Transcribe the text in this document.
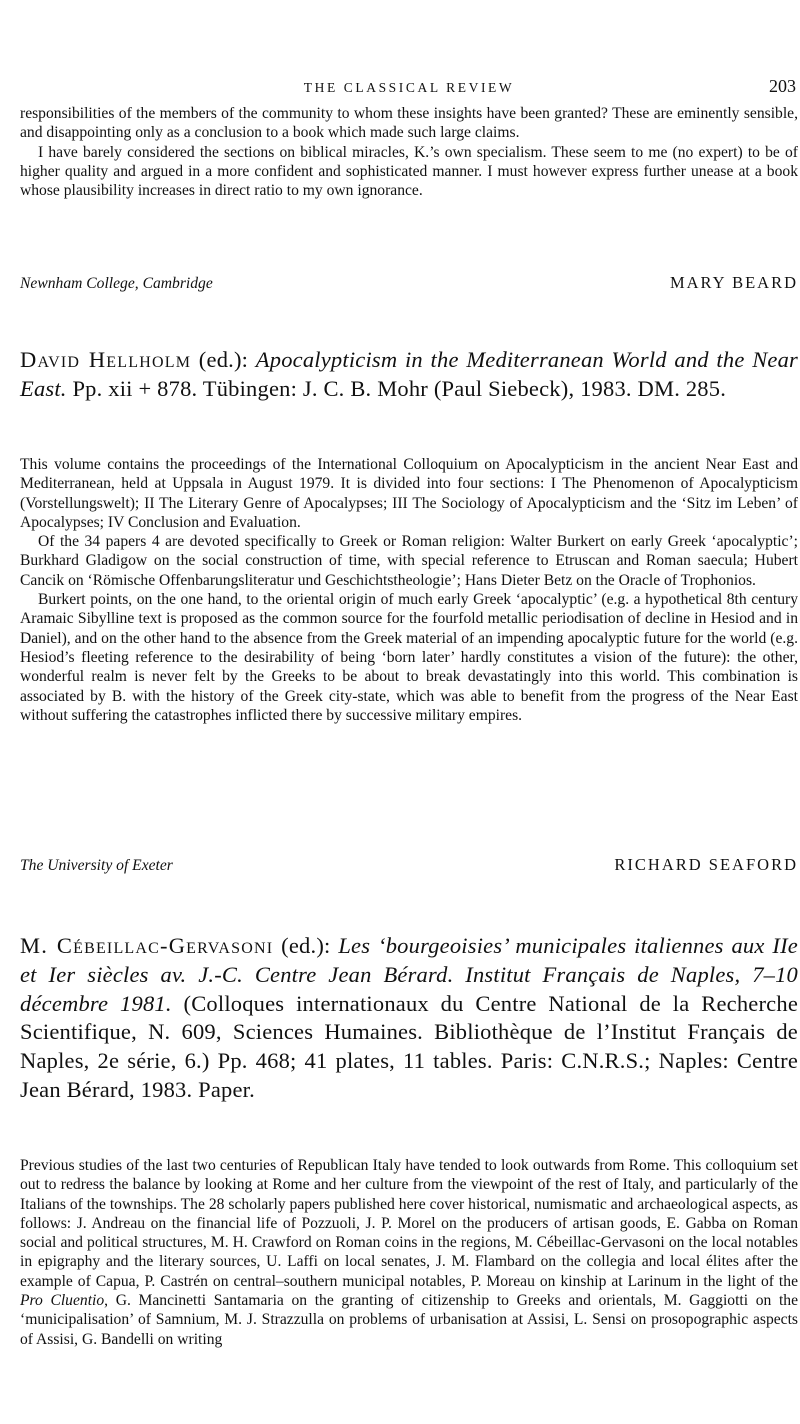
THE CLASSICAL REVIEW	203

responsibilities of the members of the community to whom these insights have been granted? These are eminently sensible, and disappointing only as a conclusion to a book which made such large claims.

I have barely considered the sections on biblical miracles, K.’s own specialism. These seem to me (no expert) to be of higher quality and argued in a more confident and sophisticated manner. I must however express further unease at a book whose plausibility increases in direct ratio to my own ignorance.

Newnham College, Cambridge	MARY BEARD
David Hellholm (ed.): Apocalypticism in the Mediterranean World and the Near East. Pp. xii + 878. Tübingen: J. C. B. Mohr (Paul Siebeck), 1983. DM. 285.

This volume contains the proceedings of the International Colloquium on Apocalypticism in the ancient Near East and Mediterranean, held at Uppsala in August 1979. It is divided into four sections: I The Phenomenon of Apocalypticism (Vorstellungswelt); II The Literary Genre of Apocalypses; III The Sociology of Apocalypticism and the ‘Sitz im Leben’ of Apocalypses; IV Conclusion and Evaluation.

Of the 34 papers 4 are devoted specifically to Greek or Roman religion: Walter Burkert on early Greek ‘apocalyptic’; Burkhard Gladigow on the social construction of time, with special reference to Etruscan and Roman saecula; Hubert Cancik on ‘Römische Offenbarungsliteratur und Geschichtstheologie’; Hans Dieter Betz on the Oracle of Trophonios.

Burkert points, on the one hand, to the oriental origin of much early Greek ‘apocalyptic’ (e.g. a hypothetical 8th century Aramaic Sibylline text is proposed as the common source for the fourfold metallic periodisation of decline in Hesiod and in Daniel), and on the other hand to the absence from the Greek material of an impending apocalyptic future for the world (e.g. Hesiod’s fleeting reference to the desirability of being ‘born later’ hardly constitutes a vision of the future): the other, wonderful realm is never felt by the Greeks to be about to break devastatingly into this world. This combination is associated by B. with the history of the Greek city-state, which was able to benefit from the progress of the Near East without suffering the catastrophes inflicted there by successive military empires.

The University of Exeter	RICHARD SEAFORD
M. Cébeillac-Gervasoni (ed.): Les ‘bourgeoisies’ municipales italiennes aux IIe et Ier siècles av. J.-C. Centre Jean Bérard. Institut Français de Naples, 7–10 décembre 1981. (Colloques internationaux du Centre National de la Recherche Scientifique, N. 609, Sciences Humaines. Bibliothèque de l’Institut Français de Naples, 2e série, 6.) Pp. 468; 41 plates, 11 tables. Paris: C.N.R.S.; Naples: Centre Jean Bérard, 1983. Paper.

Previous studies of the last two centuries of Republican Italy have tended to look outwards from Rome. This colloquium set out to redress the balance by looking at Rome and her culture from the viewpoint of the rest of Italy, and particularly of the Italians of the townships. The 28 scholarly papers published here cover historical, numismatic and archaeological aspects, as follows: J. Andreau on the financial life of Pozzuoli, J. P. Morel on the producers of artisan goods, E. Gabba on Roman social and political structures, M. H. Crawford on Roman coins in the regions, M. Cébeillac-Gervasoni on the local notables in epigraphy and the literary sources, U. Laffi on local senates, J. M. Flambard on the collegia and local élites after the example of Capua, P. Castrén on central–southern municipal notables, P. Moreau on kinship at Larinum in the light of the Pro Cluentio, G. Mancinetti Santamaria on the granting of citizenship to Greeks and orientals, M. Gaggiotti on the ‘municipalisation’ of Samnium, M. J. Strazzulla on problems of urbanisation at Assisi, L. Sensi on prosopographic aspects of Assisi, G. Bandelli on writing
